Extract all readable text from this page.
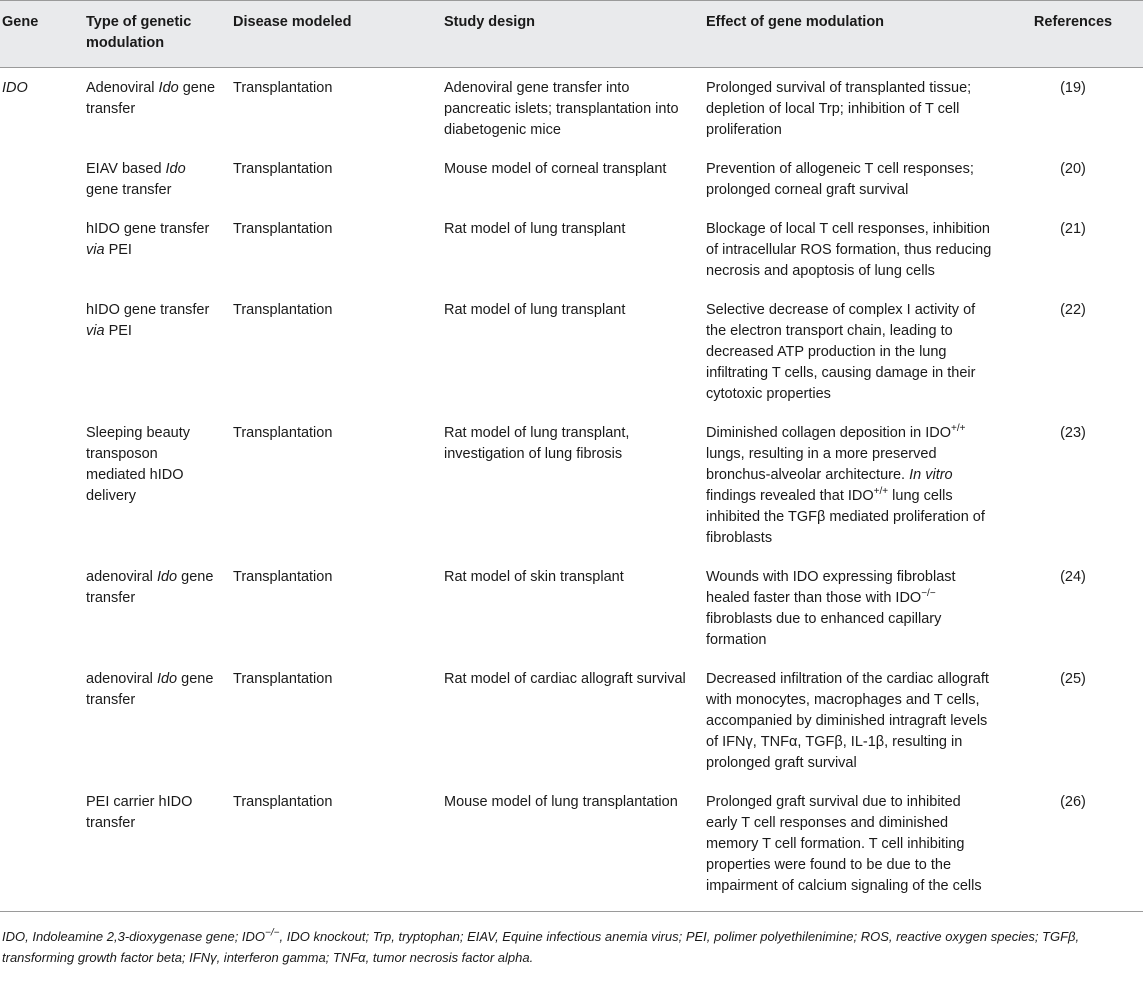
Gene	Type of genetic modulation	Disease modeled	Study design	Effect of gene modulation	References
IDO	Adenoviral Ido gene transfer	Transplantation	Adenoviral gene transfer into pancreatic islets; transplantation into diabetogenic mice	Prolonged survival of transplanted tissue; depletion of local Trp; inhibition of T cell proliferation	(19)
	EIAV based Ido gene transfer	Transplantation	Mouse model of corneal transplant	Prevention of allogeneic T cell responses; prolonged corneal graft survival	(20)
	hIDO gene transfer via PEI	Transplantation	Rat model of lung transplant	Blockage of local T cell responses, inhibition of intracellular ROS formation, thus reducing necrosis and apoptosis of lung cells	(21)
	hIDO gene transfer via PEI	Transplantation	Rat model of lung transplant	Selective decrease of complex I activity of the electron transport chain, leading to decreased ATP production in the lung infiltrating T cells, causing damage in their cytotoxic properties	(22)
	Sleeping beauty transposon mediated hIDO delivery	Transplantation	Rat model of lung transplant, investigation of lung fibrosis	Diminished collagen deposition in IDO+/+ lungs, resulting in a more preserved bronchus-alveolar architecture. In vitro findings revealed that IDO+/+ lung cells inhibited the TGFβ mediated proliferation of fibroblasts	(23)
	adenoviral Ido gene transfer	Transplantation	Rat model of skin transplant	Wounds with IDO expressing fibroblast healed faster than those with IDO−/− fibroblasts due to enhanced capillary formation	(24)
	adenoviral Ido gene transfer	Transplantation	Rat model of cardiac allograft survival	Decreased infiltration of the cardiac allograft with monocytes, macrophages and T cells, accompanied by diminished intragraft levels of IFNγ, TNFα, TGFβ, IL-1β, resulting in prolonged graft survival	(25)
	PEI carrier hIDO transfer	Transplantation	Mouse model of lung transplantation	Prolonged graft survival due to inhibited early T cell responses and diminished memory T cell formation. T cell inhibiting properties were found to be due to the impairment of calcium signaling of the cells	(26)
IDO, Indoleamine 2,3-dioxygenase gene; IDO−/−, IDO knockout; Trp, tryptophan; EIAV, Equine infectious anemia virus; PEI, polimer polyethilenimine; ROS, reactive oxygen species; TGFβ, transforming growth factor beta; IFNγ, interferon gamma; TNFα, tumor necrosis factor alpha.					
